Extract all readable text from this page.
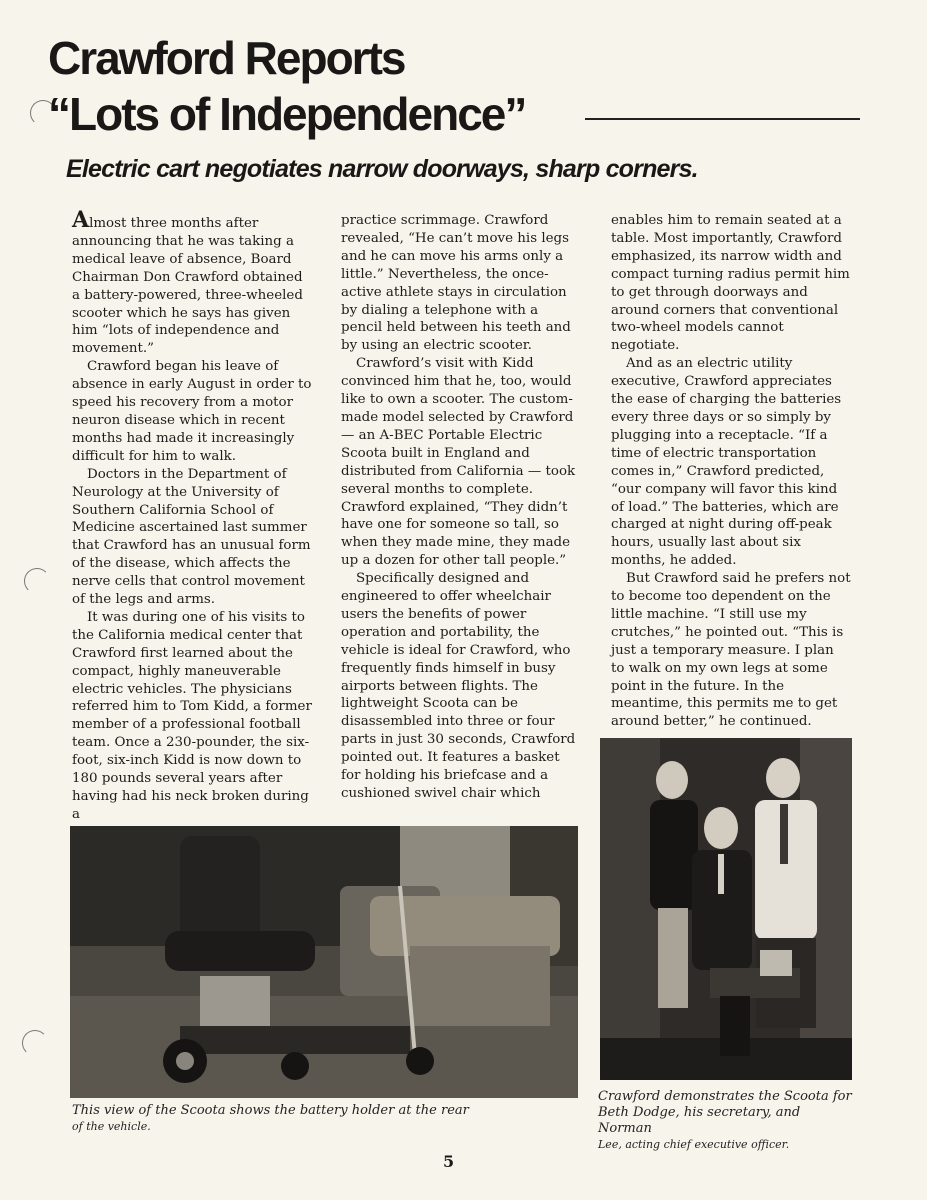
Crawford Reports
“Lots of Independence”
Electric cart negotiates narrow doorways, sharp corners.

Almost three months after announcing that he was taking a medical leave of absence, Board Chairman Don Crawford obtained a battery-powered, three-wheeled scooter which he says has given him “lots of independence and movement.”

Crawford began his leave of absence in early August in order to speed his recovery from a motor neuron disease which in recent months had made it increasingly difficult for him to walk.

Doctors in the Department of Neurology at the University of Southern California School of Medicine ascertained last summer that Crawford has an unusual form of the disease, which affects the nerve cells that control movement of the legs and arms.

It was during one of his visits to the California medical center that Crawford first learned about the compact, highly maneuverable electric vehicles. The physicians referred him to Tom Kidd, a former member of a professional football team. Once a 230-pounder, the six-foot, six-inch Kidd is now down to 180 pounds several years after having had his neck broken during a

practice scrimmage. Crawford revealed, “He can’t move his legs and he can move his arms only a little.” Nevertheless, the once-active athlete stays in circulation by dialing a telephone with a pencil held between his teeth and by using an electric scooter.

Crawford’s visit with Kidd convinced him that he, too, would like to own a scooter. The custom-made model selected by Crawford — an A-BEC Portable Electric Scoota built in England and distributed from California — took several months to complete.

Crawford explained, “They didn’t have one for someone so tall, so when they made mine, they made up a dozen for other tall people.”

Specifically designed and engineered to offer wheelchair users the benefits of power operation and portability, the vehicle is ideal for Crawford, who frequently finds himself in busy airports between flights. The lightweight Scoota can be disassembled into three or four parts in just 30 seconds, Crawford pointed out. It features a basket for holding his briefcase and a cushioned swivel chair which

enables him to remain seated at a table. Most importantly, Crawford emphasized, its narrow width and compact turning radius permit him to get through doorways and around corners that conventional two-wheel models cannot negotiate.

And as an electric utility executive, Crawford appreciates the ease of charging the batteries every three days or so simply by plugging into a receptacle. “If a time of electric transportation comes in,” Crawford predicted, “our company will favor this kind of load.” The batteries, which are charged at night during off-peak hours, usually last about six months, he added.

But Crawford said he prefers not to become too dependent on the little machine. “I still use my crutches,” he pointed out. “This is just a temporary measure. I plan to walk on my own legs at some point in the future. In the meantime, this permits me to get around better,” he continued.

This view of the Scoota shows the battery holder at the rear
of the vehicle.
Crawford demonstrates the Scoota for
Beth Dodge, his secretary, and Norman
Lee, acting chief executive officer.
5
